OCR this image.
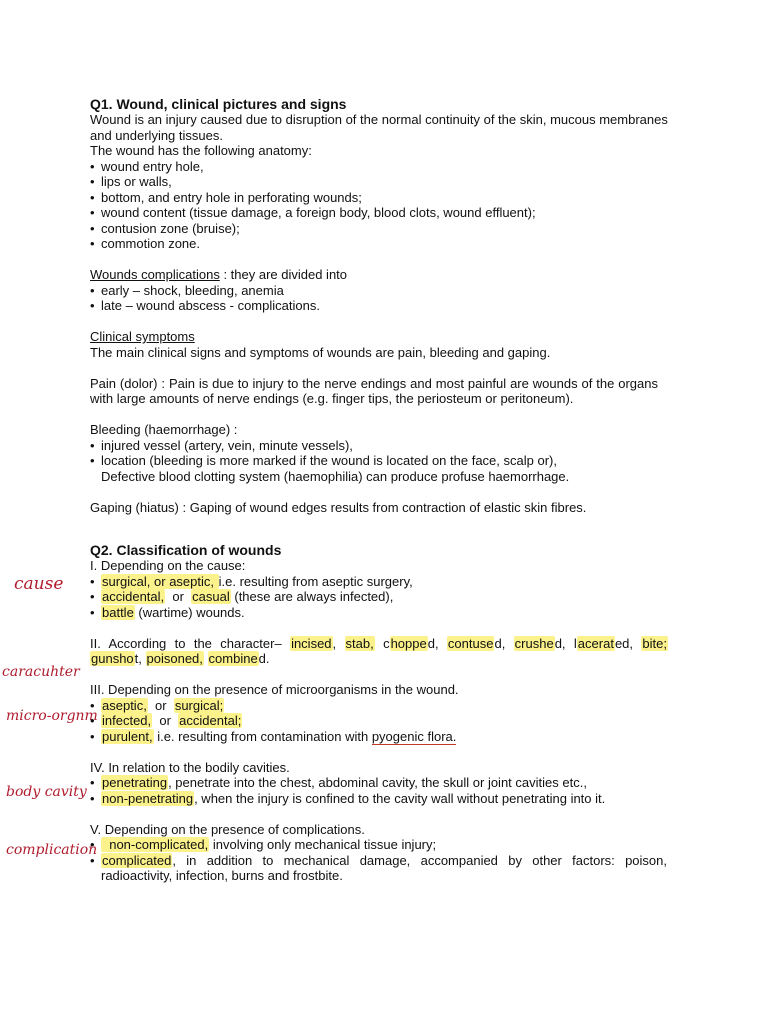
cause
caracuhter
micro-orgnm
body cavity
complication

Q1. Wound, clinical pictures and signs

Wound is an injury caused due to disruption of the normal continuity of the skin, mucous membranes and underlying tissues.

The wound has the following anatomy:

• wound entry hole,
• lips or walls,
• bottom, and entry hole in perforating wounds;
• wound content (tissue damage, a foreign body, blood clots, wound effluent);
• contusion zone (bruise);
• commotion zone.

Wounds complications : they are divided into

• early – shock, bleeding, anemia
• late – wound abscess - complications.

Clinical symptoms

The main clinical signs and symptoms of wounds are pain, bleeding and gaping.

Pain (dolor) : Pain is due to injury to the nerve endings and most painful are wounds of the organs with large amounts of nerve endings (e.g. finger tips, the periosteum or peritoneum).

Bleeding (haemorrhage) :

• injured vessel (artery, vein, minute vessels),
• location (bleeding is more marked if the wound is located on the face, scalp or),

Defective blood clotting system (haemophilia) can produce profuse haemorrhage.

Gaping (hiatus) : Gaping of wound edges results from contraction of elastic skin fibres.

Q2. Classification of wounds

I. Depending on the cause:

• surgical, or aseptic, i.e. resulting from aseptic surgery,
• accidental,  or  casual (these are always infected),
• battle (wartime) wounds.

II. According to the character– incised, stab, chopped, contused, crushed, lacerated, bite; gunshot, poisoned, combined.

III. Depending on the presence of microorganisms in the wound.

• aseptic,  or  surgical;
• infected,  or  accidental;
• purulent, i.e. resulting from contamination with pyogenic flora.

IV. In relation to the bodily cavities.

• penetrating, penetrate into the chest, abdominal cavity, the skull or joint cavities etc.,
• non-penetrating, when the injury is confined to the cavity wall without penetrating into it.

V. Depending on the presence of complications.

•   non-complicated, involving only mechanical tissue injury;
• complicated, in addition to mechanical damage, accompanied by other factors: poison, radioactivity, infection, burns and frostbite.
